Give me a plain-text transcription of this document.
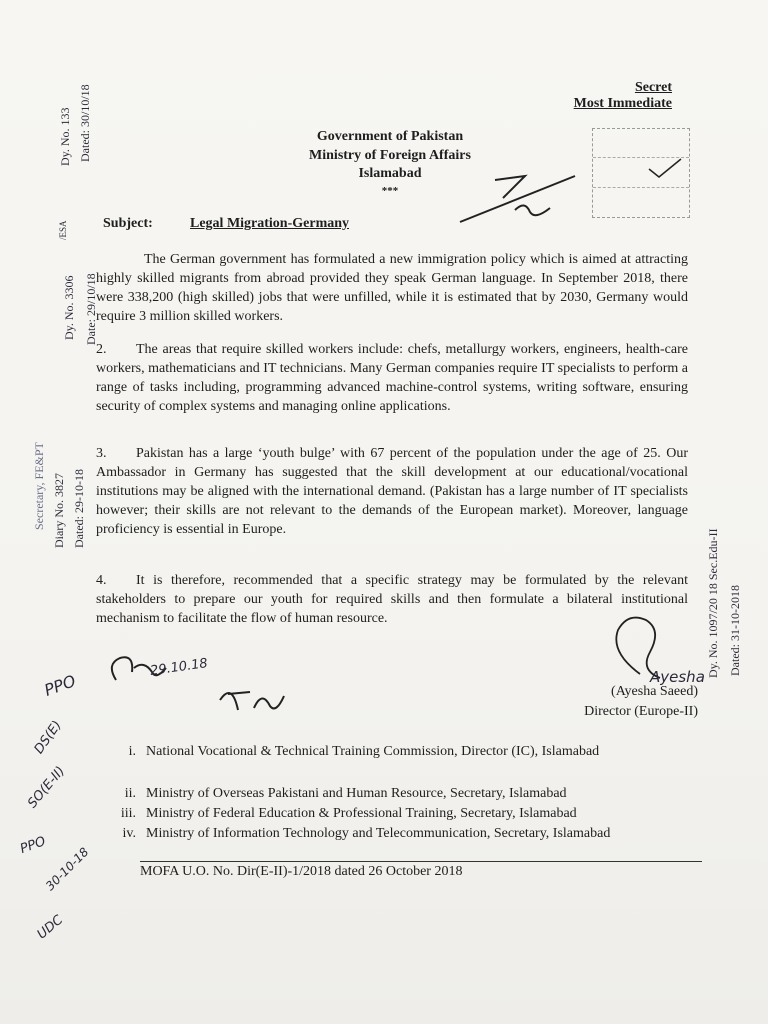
Secret
Most Immediate
Government of Pakistan
Ministry of Foreign Affairs
Islamabad
***
Subject:	Legal Migration-Germany
The German government has formulated a new immigration policy which is aimed at attracting highly skilled migrants from abroad provided they speak German language. In September 2018, there were 338,200 (high skilled) jobs that were unfilled, while it is estimated that by 2030, Germany would require 3 million skilled workers.
2. The areas that require skilled workers include: chefs, metallurgy workers, engineers, health-care workers, mathematicians and IT technicians. Many German companies require IT specialists to perform a range of tasks including, programming advanced machine-control systems, writing software, ensuring security of complex systems and managing online applications.
3. Pakistan has a large ‘youth bulge’ with 67 percent of the population under the age of 25. Our Ambassador in Germany has suggested that the skill development at our educational/vocational institutions may be aligned with the international demand. (Pakistan has a large number of IT specialists however; their skills are not relevant to the demands of the European market). Moreover, language proficiency is essential in Europe.
4. It is therefore, recommended that a specific strategy may be formulated by the relevant stakeholders to prepare our youth for required skills and then formulate a bilateral institutional mechanism to facilitate the flow of human resource.
Ayesha
(Ayesha Saeed)
Director (Europe-II)
i. National Vocational & Technical Training Commission, Director (IC), Islamabad
ii. Ministry of Overseas Pakistani and Human Resource, Secretary, Islamabad
iii. Ministry of Federal Education & Professional Training, Secretary, Islamabad
iv. Ministry of Information Technology and Telecommunication, Secretary, Islamabad
MOFA U.O. No. Dir(E-II)-1/2018 dated 26 October 2018
Dy. No. 133 Dated: 30/10/18
Dy. No. 3306 Date: 29/10/18
/ESA
Secretary, FE&PT Diary No. 3827 Dated: 29-10-18
Dy. No. 1097/20 18 Sec.Edu-II Dated: 31-10-2018
PPO
29.10.18
DS(E)
SO(E-II)
PPO
30-10-18
UDC
